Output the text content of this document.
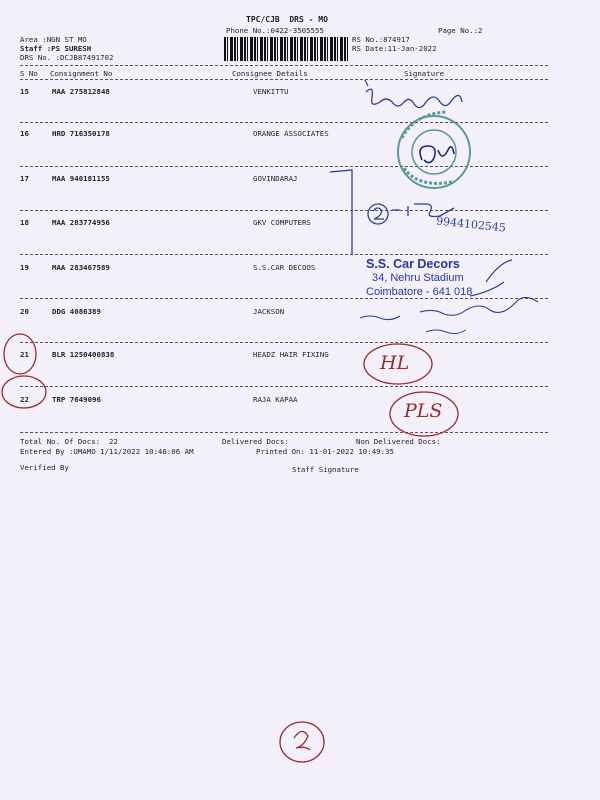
TPC/CJB  DRS - MO
Phone No.:0422-3505555	Page No.:2
Area :NGN ST MO
Staff :PS SURESH
DRS No. :DCJB87491702
RS No.:874917
RS Date:11-Jan-2022
S No Consignment No	Consignee Details	Signature
15	MAA 275812848	VENKITTU
16	HRD 716350178	ORANGE ASSOCIATES
17	MAA 940181155	GOVINDARAJ
18	MAA 283774956	GKV COMPUTERS
19	MAA 283467589	S.S.CAR DECOOS
20	DDG 4086389	JACKSON
21	BLR 1250400838	HEADZ HAIR FIXING
22	TRP 7649096	RAJA KAPAA
Total No. Of Docs:  22	Delivered Docs:	Non Delivered Docs:
Entered By :UMAMO 1/11/2022 10:46:06 AM	Printed On: 11-01-2022 10:49:35
Verified By	Staff Signature
S.S. Car Decors
34, Nehru Stadium
Coimbatore - 641 018
9944102545
HL
PLS
